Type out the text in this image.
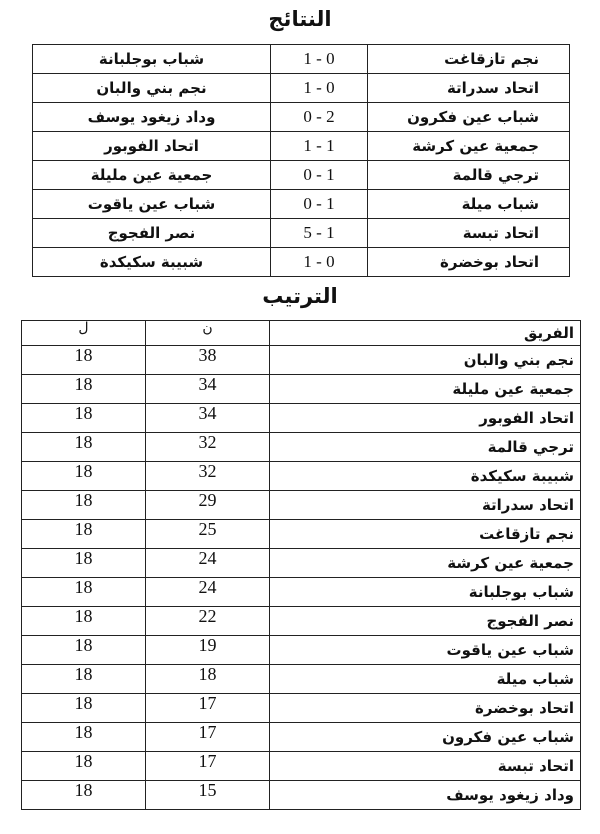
النتائج
شباب بوجلبانة	1 - 0	نجم تازقاغت
نجم بني والبان	1 - 0	اتحاد سدراتة
وداد زيغود يوسف	0 - 2	شباب عين فكرون
اتحاد الفوبور	1 - 1	جمعية عين كرشة
جمعية عين مليلة	0 - 1	ترجي قالمة
شباب عين ياقوت	0 - 1	شباب ميلة
نصر الفجوج	5 - 1	اتحاد تبسة
شبيبة سكيكدة	1 - 0	اتحاد بوخضرة
الترتيب
ل	ن	الفريق
18	38	نجم بني والبان
18	34	جمعية عين مليلة
18	34	اتحاد الفوبور
18	32	ترجي قالمة
18	32	شبيبة سكيكدة
18	29	اتحاد سدراتة
18	25	نجم تازقاغت
18	24	جمعية عين كرشة
18	24	شباب بوجلبانة
18	22	نصر الفجوج
18	19	شباب عين ياقوت
18	18	شباب ميلة
18	17	اتحاد بوخضرة
18	17	شباب عين فكرون
18	17	اتحاد تبسة
18	15	وداد زيغود يوسف
